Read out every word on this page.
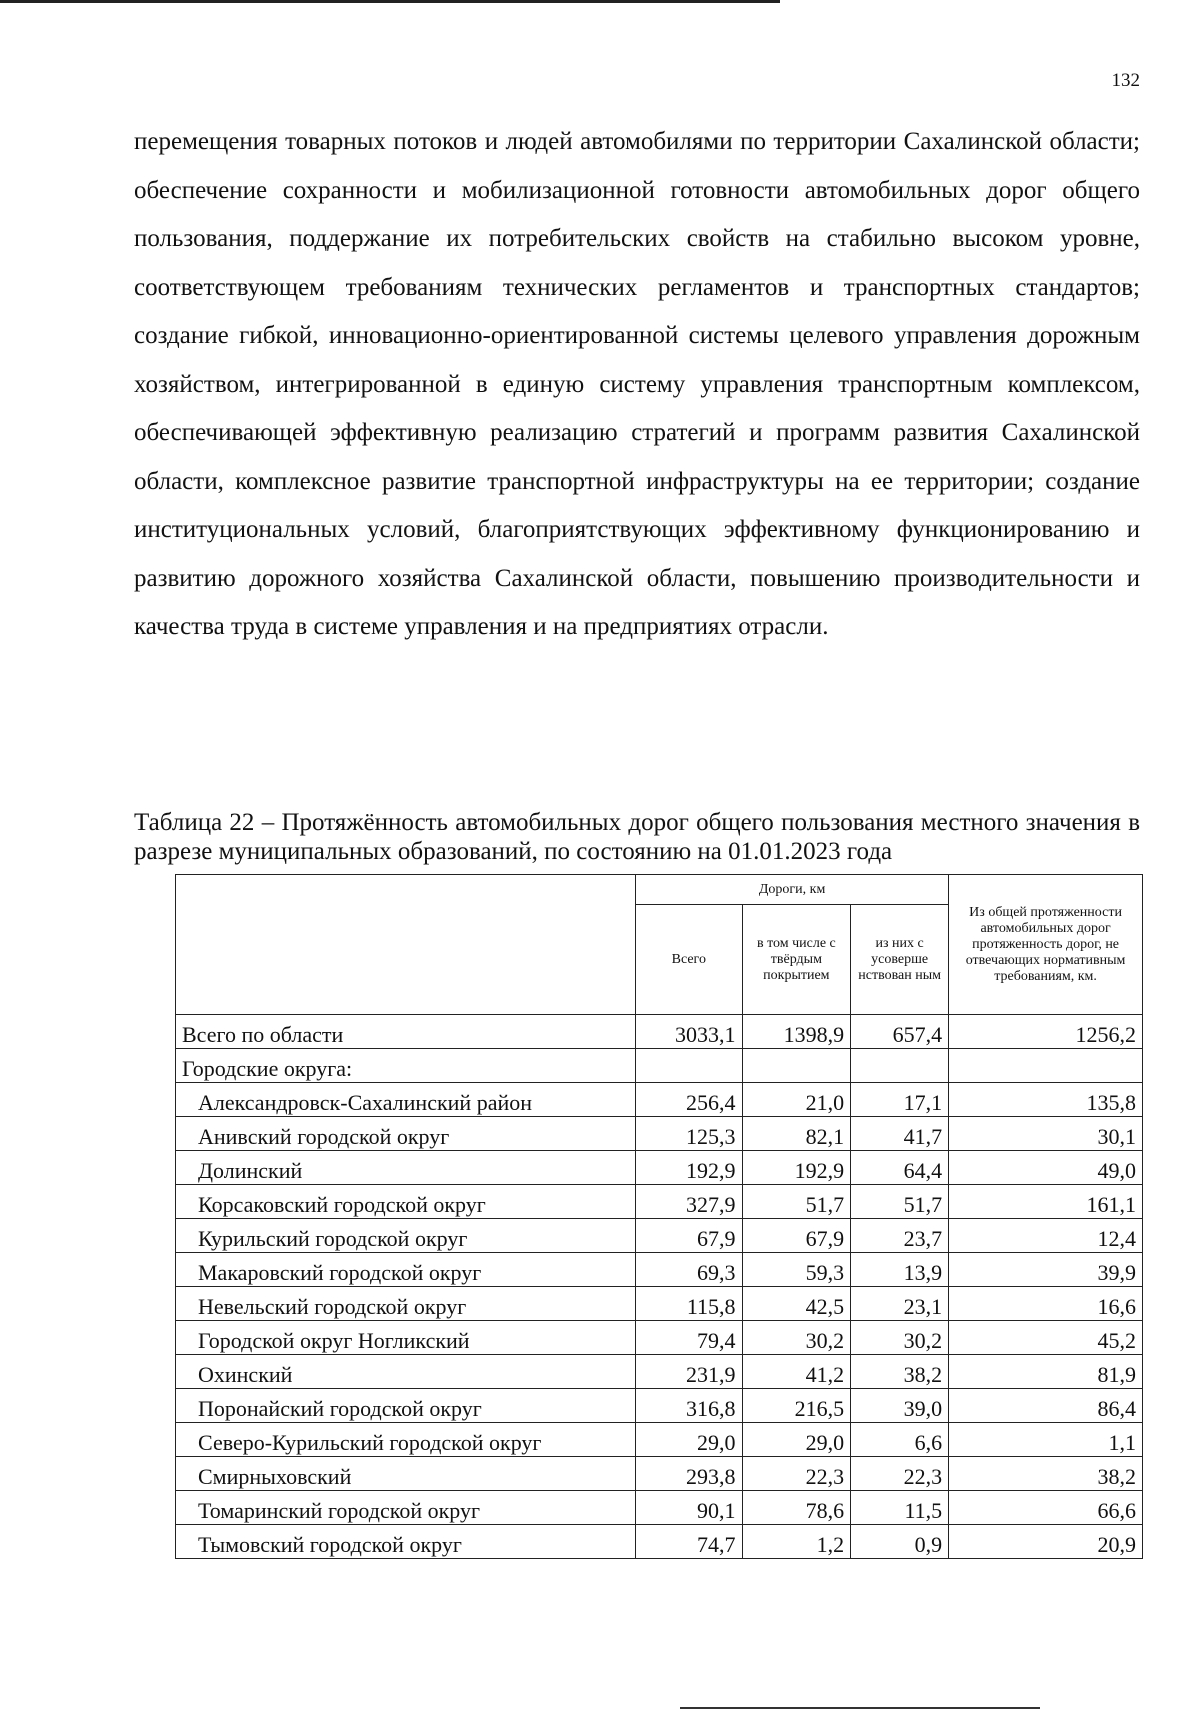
132

перемещения товарных потоков и людей автомобилями по территории Сахалинской области; обеспечение сохранности и мобилизационной готовности автомобильных дорог общего пользования, поддержание их потребительских свойств на стабильно высоком уровне, соответствующем требованиям технических регламентов и транспортных стандартов; создание гибкой, инновационно-ориентированной системы целевого управления дорожным хозяйством, интегрированной в единую систему управления транспортным комплексом, обеспечивающей эффективную реализацию стратегий и программ развития Сахалинской области, комплексное развитие транспортной инфраструктуры на ее территории; создание институциональных условий, благоприятствующих эффективному функционированию и развитию дорожного хозяйства Сахалинской области, повышению производительности и качества труда в системе управления и на предприятиях отрасли.

Таблица 22 – Протяжённость автомобильных дорог общего пользования местного значения в разрезе муниципальных образований, по состоянию на 01.01.2023 года

	Дороги, км			Из общей протяженности автомобильных дорог протяженность дорог, не отвечающих нормативным требованиям, км.
	Всего	в том числе с твёрдым покрытием	из них с усоверше нствован ным	
Всего по области	3033,1	1398,9	657,4	1256,2
Городские округа:				
Александровск-Сахалинский район	256,4	21,0	17,1	135,8
Анивский городской округ	125,3	82,1	41,7	30,1
Долинский	192,9	192,9	64,4	49,0
Корсаковский городской округ	327,9	51,7	51,7	161,1
Курильский городской округ	67,9	67,9	23,7	12,4
Макаровский городской округ	69,3	59,3	13,9	39,9
Невельский городской округ	115,8	42,5	23,1	16,6
Городской округ Ногликский	79,4	30,2	30,2	45,2
Охинский	231,9	41,2	38,2	81,9
Поронайский городской округ	316,8	216,5	39,0	86,4
Северо-Курильский городской округ	29,0	29,0	6,6	1,1
Смирныховский	293,8	22,3	22,3	38,2
Томаринский городской округ	90,1	78,6	11,5	66,6
Тымовский городской округ	74,7	1,2	0,9	20,9
